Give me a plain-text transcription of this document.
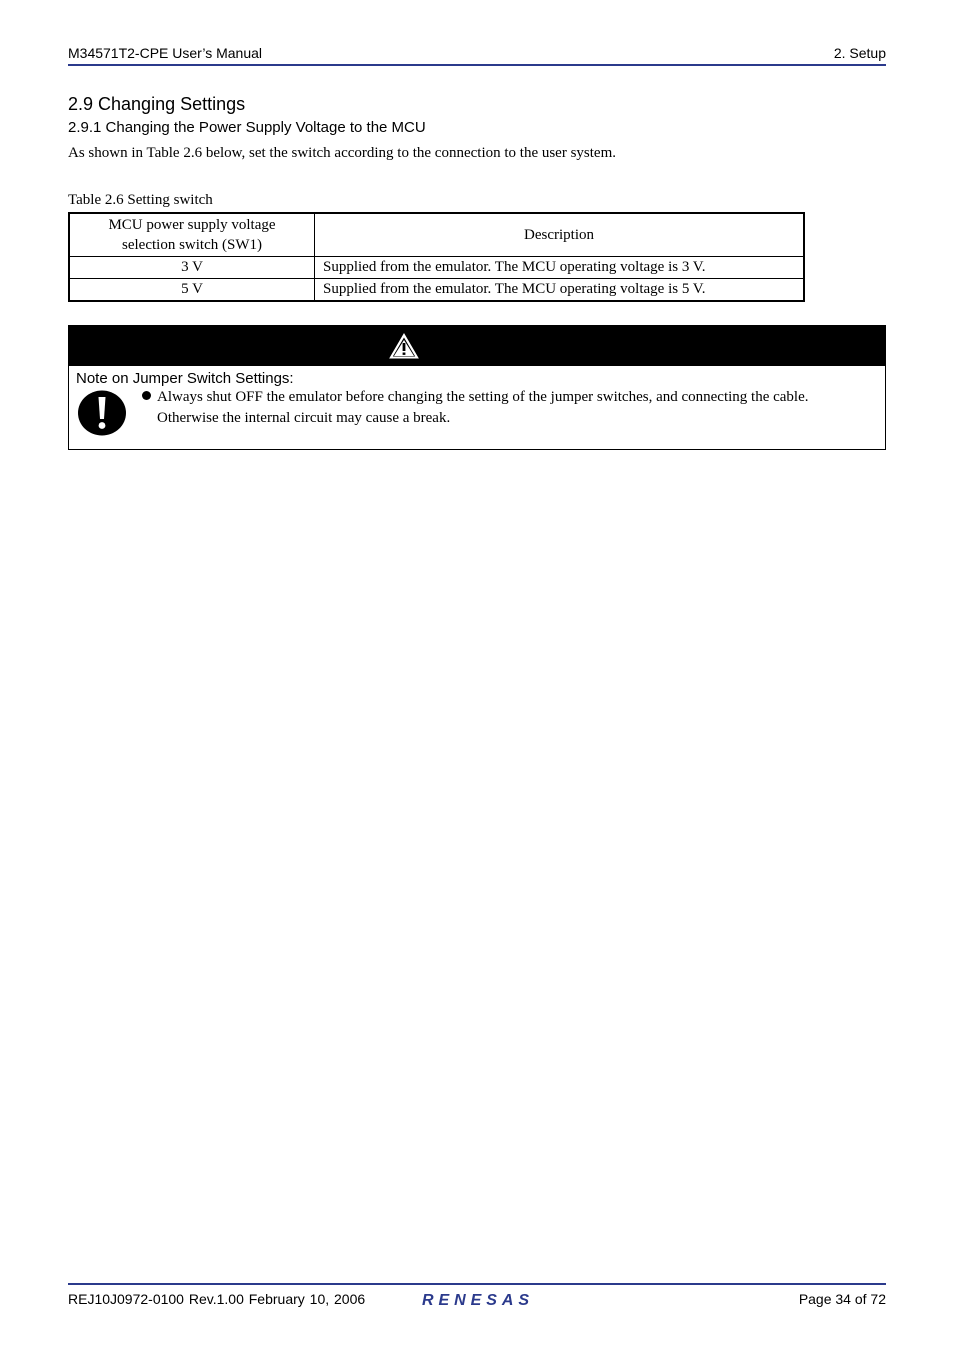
M34571T2-CPE User’s Manual	2. Setup
2.9 Changing Settings
2.9.1 Changing the Power Supply Voltage to the MCU
As shown in Table 2.6 below, set the switch according to the connection to the user system.
Table 2.6 Setting switch
MCU power supply voltage
selection switch (SW1)	Description
3 V	Supplied from the emulator. The MCU operating voltage is 3 V.
5 V	Supplied from the emulator. The MCU operating voltage is 5 V.
Note on Jumper Switch Settings:
Always shut OFF the emulator before changing the setting of the jumper switches, and connecting the cable.
Otherwise the internal circuit may cause a break.
REJ10J0972-0100 Rev.1.00 February 10, 2006	RENESAS	Page 34 of 72
